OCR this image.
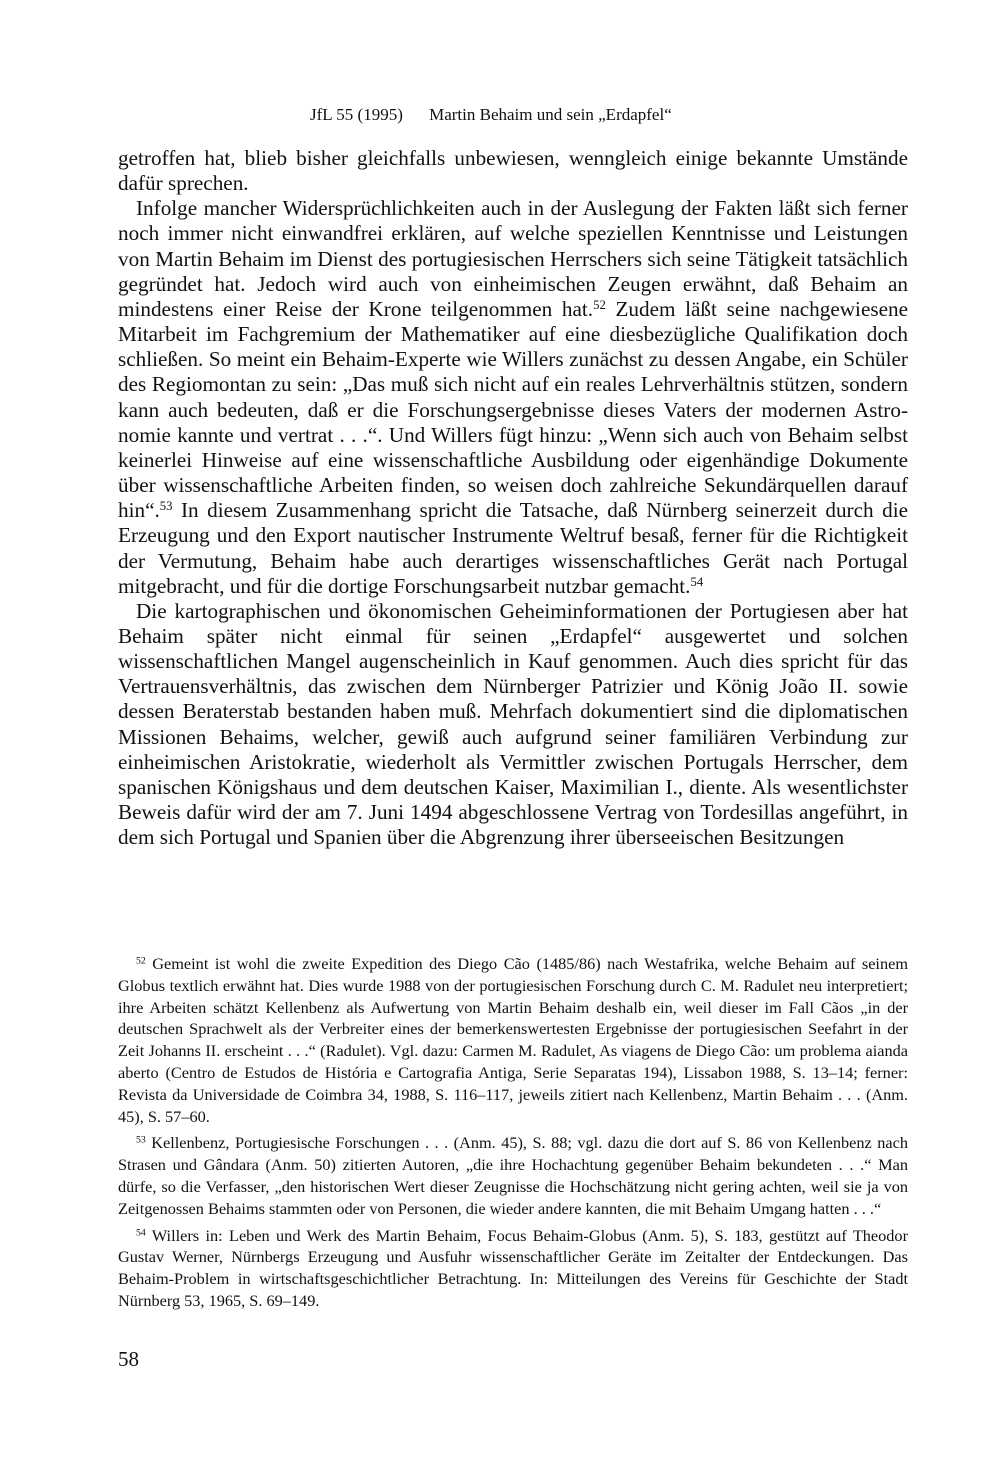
JfL 55 (1995) Martin Behaim und sein „Erdapfel“

getroffen hat, blieb bisher gleichfalls unbewiesen, wenngleich einige bekannte Umstände dafür sprechen.

Infolge mancher Widersprüchlichkeiten auch in der Auslegung der Fakten läßt sich ferner noch immer nicht einwandfrei erklären, auf welche speziellen Kenntnisse und Leistungen von Martin Behaim im Dienst des portugiesischen Herrschers sich seine Tätigkeit tatsächlich gegründet hat. Jedoch wird auch von einheimischen Zeugen erwähnt, daß Behaim an mindestens einer Reise der Krone teilgenommen hat.$^{52}$ Zudem läßt seine nachgewiesene Mitarbeit im Fachgremium der Mathematiker auf eine diesbezügliche Qualifikation doch schließen. So meint ein Behaim-Experte wie Willers zunächst zu dessen Angabe, ein Schüler des Regiomontan zu sein: „Das muß sich nicht auf ein reales Lehrverhältnis stützen, sondern kann auch bedeuten, daß er die Forschungsergebnisse dieses Vaters der modernen Astronomie kannte und vertrat . . .“. Und Willers fügt hinzu: „Wenn sich auch von Behaim selbst keinerlei Hinweise auf eine wissenschaftliche Ausbildung oder eigenhändige Dokumente über wissenschaftliche Arbeiten finden, so weisen doch zahlreiche Sekundärquellen darauf hin“.$^{53}$ In diesem Zusammenhang spricht die Tatsache, daß Nürnberg seinerzeit durch die Erzeugung und den Export nautischer Instrumente Weltruf besaß, ferner für die Richtigkeit der Vermutung, Behaim habe auch derartiges wissenschaftliches Gerät nach Portugal mitgebracht, und für die dortige Forschungsarbeit nutzbar gemacht.$^{54}$

Die kartographischen und ökonomischen Geheiminformationen der Portugiesen aber hat Behaim später nicht einmal für seinen „Erdapfel“ ausgewertet und solchen wissenschaftlichen Mangel augenscheinlich in Kauf genommen. Auch dies spricht für das Vertrauensverhältnis, das zwischen dem Nürnberger Patrizier und König João II. sowie dessen Beraterstab bestanden haben muß. Mehrfach dokumentiert sind die diplomatischen Missionen Behaims, welcher, gewiß auch aufgrund seiner familiären Verbindung zur einheimischen Aristokratie, wiederholt als Vermittler zwischen Portugals Herrscher, dem spanischen Königshaus und dem deutschen Kaiser, Maximilian I., diente. Als wesentlichster Beweis dafür wird der am 7. Juni 1494 abgeschlossene Vertrag von Tordesillas angeführt, in dem sich Portugal und Spanien über die Abgrenzung ihrer überseeischen Besitzungen

$^{52}$ Gemeint ist wohl die zweite Expedition des Diego Cão (1485/86) nach Westafrika, welche Behaim auf seinem Globus textlich erwähnt hat. Dies wurde 1988 von der portugiesischen Forschung durch C. M. Radulet neu interpretiert; ihre Arbeiten schätzt Kellenbenz als Aufwertung von Martin Behaim deshalb ein, weil dieser im Fall Cãos „in der deutschen Sprachwelt als der Verbreiter eines der bemerkenswertesten Ergebnisse der portugiesischen Seefahrt in der Zeit Johanns II. erscheint . . .“ (Radulet). Vgl. dazu: Carmen M. Radulet, As viagens de Diego Cão: um problema aianda aberto (Centro de Estudos de História e Cartografia Antiga, Serie Separatas 194), Lissabon 1988, S. 13–14; ferner: Revista da Universidade de Coimbra 34, 1988, S. 116–117, jeweils zitiert nach Kellenbenz, Martin Behaim . . . (Anm. 45), S. 57–60.

$^{53}$ Kellenbenz, Portugiesische Forschungen . . . (Anm. 45), S. 88; vgl. dazu die dort auf S. 86 von Kellenbenz nach Strasen und Gândara (Anm. 50) zitierten Autoren, „die ihre Hochachtung gegenüber Behaim bekundeten . . .“ Man dürfe, so die Verfasser, „den historischen Wert dieser Zeugnisse die Hochschätzung nicht gering achten, weil sie ja von Zeitgenossen Behaims stammten oder von Personen, die wieder andere kannten, die mit Behaim Umgang hatten . . .“

$^{54}$ Willers in: Leben und Werk des Martin Behaim, Focus Behaim-Globus (Anm. 5), S. 183, gestützt auf Theodor Gustav Werner, Nürnbergs Erzeugung und Ausfuhr wissenschaftlicher Geräte im Zeitalter der Entdeckungen. Das Behaim-Problem in wirtschaftsgeschichtlicher Betrachtung. In: Mitteilungen des Vereins für Geschichte der Stadt Nürnberg 53, 1965, S. 69–149.

58
